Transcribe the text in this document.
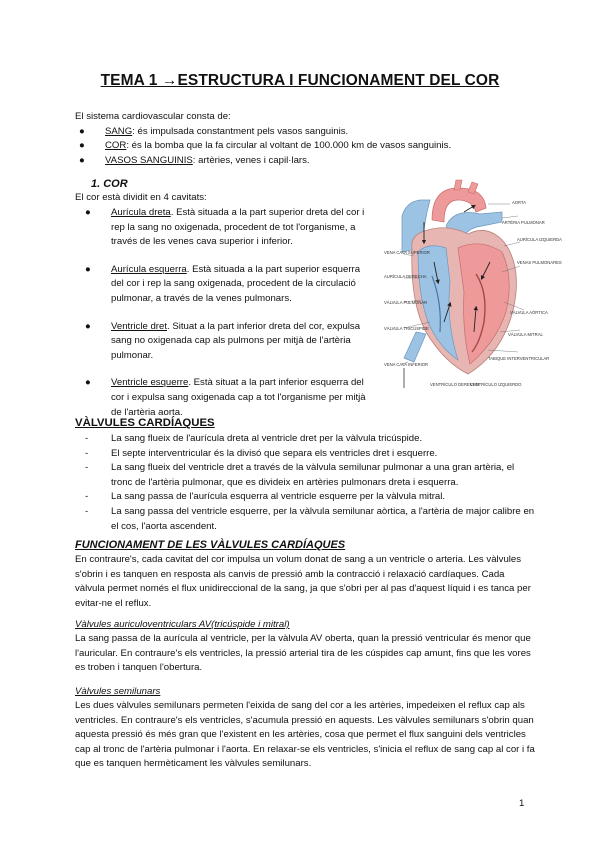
TEMA 1 →ESTRUCTURA I FUNCIONAMENT DEL COR

El sistema cardiovascular consta de:

● SANG: és impulsada constantment pels vasos sanguinis.
● COR: és la bomba que la fa circular al voltant de 100.000 km de vasos sanguinis.
● VASOS SANGUINIS: artèries, venes i capil·lars.
1. COR
El cor està dividit en 4 cavitats:
● Aurícula dreta. Està situada a la part superior dreta del cor i rep la sang no oxigenada, procedent de tot l'organisme, a través de les venes cava superior i inferior.
● Aurícula esquerra. Està situada a la part superior esquerra del cor i rep la sang oxigenada, procedent de la circulació pulmonar, a través de la venes pulmonars.
● Ventricle dret. Situat a la part inferior dreta del cor, expulsa sang no oxigenada cap als pulmons per mitjà de l'artèria pulmonar.
● Ventricle esquerre. Està situat a la part inferior esquerra del cor i expulsa sang oxigenada cap a tot l'organisme per mitjà de l'artèria aorta.
AORTA
ARTÈRIA PULMONAR
AURÍCULA IZQUIERDA
VENAS PULMONARES
VENA CAVA SUPERIOR
AURÍCULA DERECHA
VÁLVULA PULMONAR
VÁLVULA TRICÚSPIDE
VENA CAVA INFERIOR
VENTRÍCULO DERECHO
VENTRÍCULO IZQUIERDO
VÁLVULA AÓRTICA
VÁLVULA MITRAL
TABIQUE INTERVENTRICULAR
VÀLVULES CARDÍAQUES
- La sang flueix de l'aurícula dreta al ventricle dret per la vàlvula tricúspide.
- El septe interventricular és la divisó que separa els ventricles dret i esquerre.
- La sang flueix del ventricle dret a través de la vàlvula semilunar pulmonar a una gran artèria, el tronc de l'artèria pulmonar, que es divideix en artèries pulmonars dreta i esquerra.
- La sang passa de l'aurícula esquerra al ventricle esquerre per la vàlvula mitral.
- La sang passa del ventricle esquerre, per la vàlvula semilunar aòrtica, a l'artèria de major calibre en el cos, l'aorta ascendent.
FUNCIONAMENT DE LES VÀLVULES CARDÍAQUES

En contraure's, cada cavitat del cor impulsa un volum donat de sang a un ventricle o arteria. Les vàlvules s'obrin i es tanquen en resposta als canvis de pressió amb la contracció i relaxació cardíaques. Cada vàlvula permet només el flux unidireccional de la sang, ja que s'obri per al pas d'aquest líquid i es tanca per evitar-ne el reflux.

Vàlvules auriculoventriculars AV(tricúspide i mitral)

La sang passa de la aurícula al ventricle, per la vàlvula AV oberta, quan la pressió ventricular és menor que l'auricular. En contraure's els ventricles, la pressió arterial tira de les cúspides cap amunt, fins que les vores es troben i tanquen l'obertura.

Vàlvules semilunars

Les dues vàlvules semilunars permeten l'eixida de sang del cor a les artèries, impedeixen el reflux cap als ventricles. En contraure's els ventricles, s'acumula pressió en aquests. Les vàlvules semilunars s'obrin quan aquesta pressió és més gran que l'existent en les artèries, cosa que permet el flux sanguini dels ventricles cap al tronc de l'artèria pulmonar i l'aorta. En relaxar-se els ventricles, s'inicia el reflux de sang cap al cor i fa que es tanquen hermèticament les vàlvules semilunars.

1
